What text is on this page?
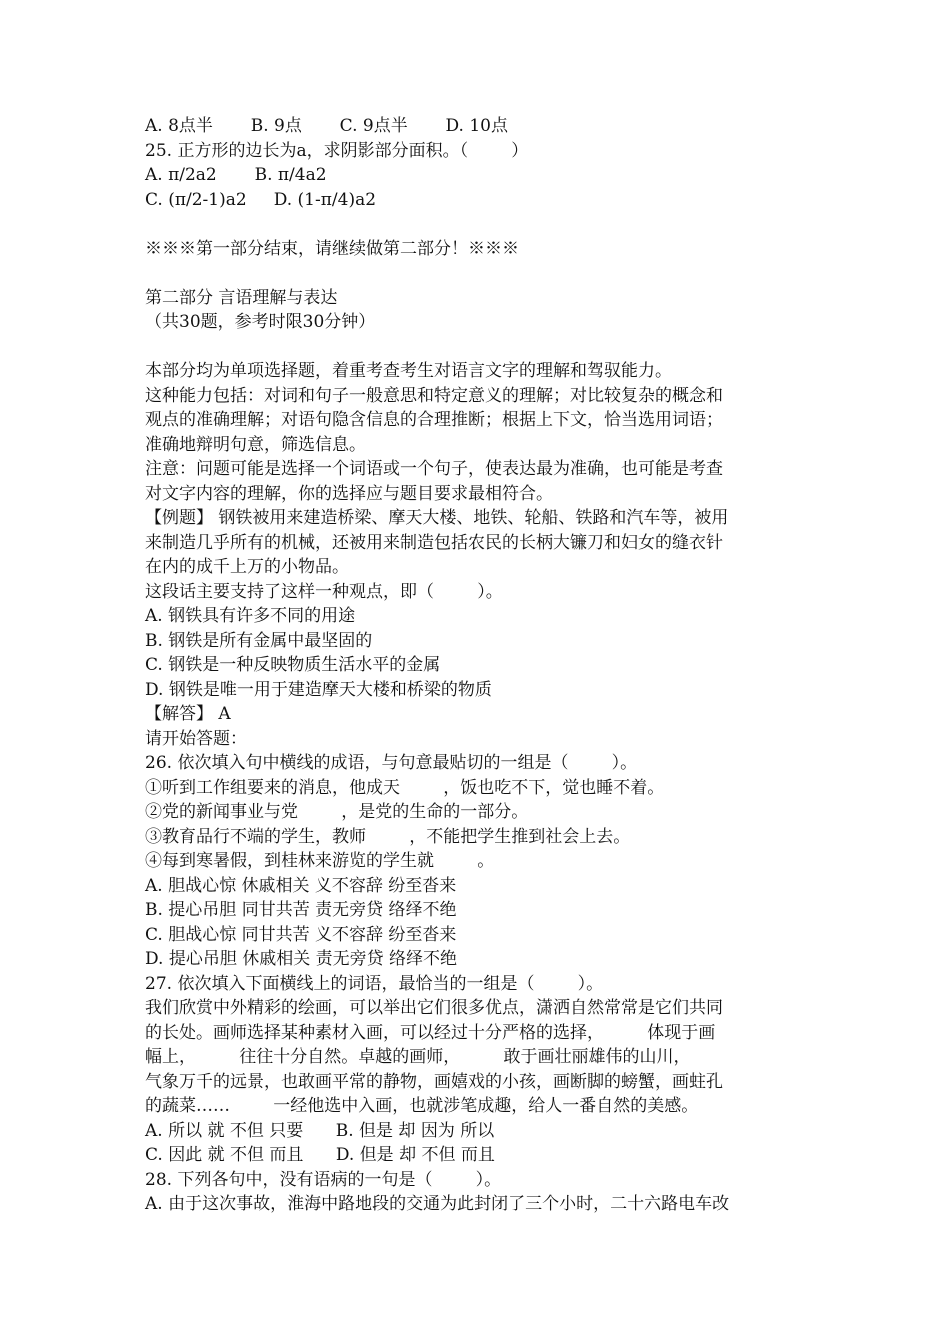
A. 8点半       B. 9点       C. 9点半       D. 10点
25. 正方形的边长为a，求阴影部分面积。（        ）
A. π/2a2       B. π/4a2
C. (π/2-1)a2     D. (1-π/4)a2
※※※第一部分结束，请继续做第二部分！※※※
第二部分 言语理解与表达
（共30题，参考时限30分钟）
本部分均为单项选择题，着重考查考生对语言文字的理解和驾驭能力。
这种能力包括：对词和句子一般意思和特定意义的理解；对比较复杂的概念和
观点的准确理解；对语句隐含信息的合理推断；根据上下文，恰当选用词语；
准确地辩明句意，筛选信息。
注意：问题可能是选择一个词语或一个句子，使表达最为准确，也可能是考查
对文字内容的理解，你的选择应与题目要求最相符合。
【例题】 钢铁被用来建造桥梁、摩天大楼、地铁、轮船、铁路和汽车等，被用
来制造几乎所有的机械，还被用来制造包括农民的长柄大镰刀和妇女的缝衣针
在内的成千上万的小物品。
这段话主要支持了这样一种观点，即（        ）。
A. 钢铁具有许多不同的用途
B. 钢铁是所有金属中最坚固的
C. 钢铁是一种反映物质生活水平的金属
D. 钢铁是唯一用于建造摩天大楼和桥梁的物质
【解答】 A
请开始答题：
26. 依次填入句中横线的成语，与句意最贴切的一组是（        ）。
①听到工作组要来的消息，他成天        ，饭也吃不下，觉也睡不着。
②党的新闻事业与党        ，是党的生命的一部分。
③教育品行不端的学生，教师        ，不能把学生推到社会上去。
④每到寒暑假，到桂林来游览的学生就        。
A. 胆战心惊 休戚相关 义不容辞 纷至沓来
B. 提心吊胆 同甘共苦 责无旁贷 络绎不绝
C. 胆战心惊 同甘共苦 义不容辞 纷至沓来
D. 提心吊胆 休戚相关 责无旁贷 络绎不绝
27. 依次填入下面横线上的词语，最恰当的一组是（        ）。
我们欣赏中外精彩的绘画，可以举出它们很多优点，潇洒自然常常是它们共同
的长处。画师选择某种素材入画，可以经过十分严格的选择，        体现于画
幅上，        往往十分自然。卓越的画师，        敢于画壮丽雄伟的山川，
气象万千的远景，也敢画平常的静物，画嬉戏的小孩，画断脚的螃蟹，画蛀孔
的蔬菜……        一经他选中入画，也就涉笔成趣，给人一番自然的美感。
A. 所以 就 不但 只要      B. 但是 却 因为 所以
C. 因此 就 不但 而且      D. 但是 却 不但 而且
28. 下列各句中，没有语病的一句是（        ）。
A. 由于这次事故，淮海中路地段的交通为此封闭了三个小时，二十六路电车改
